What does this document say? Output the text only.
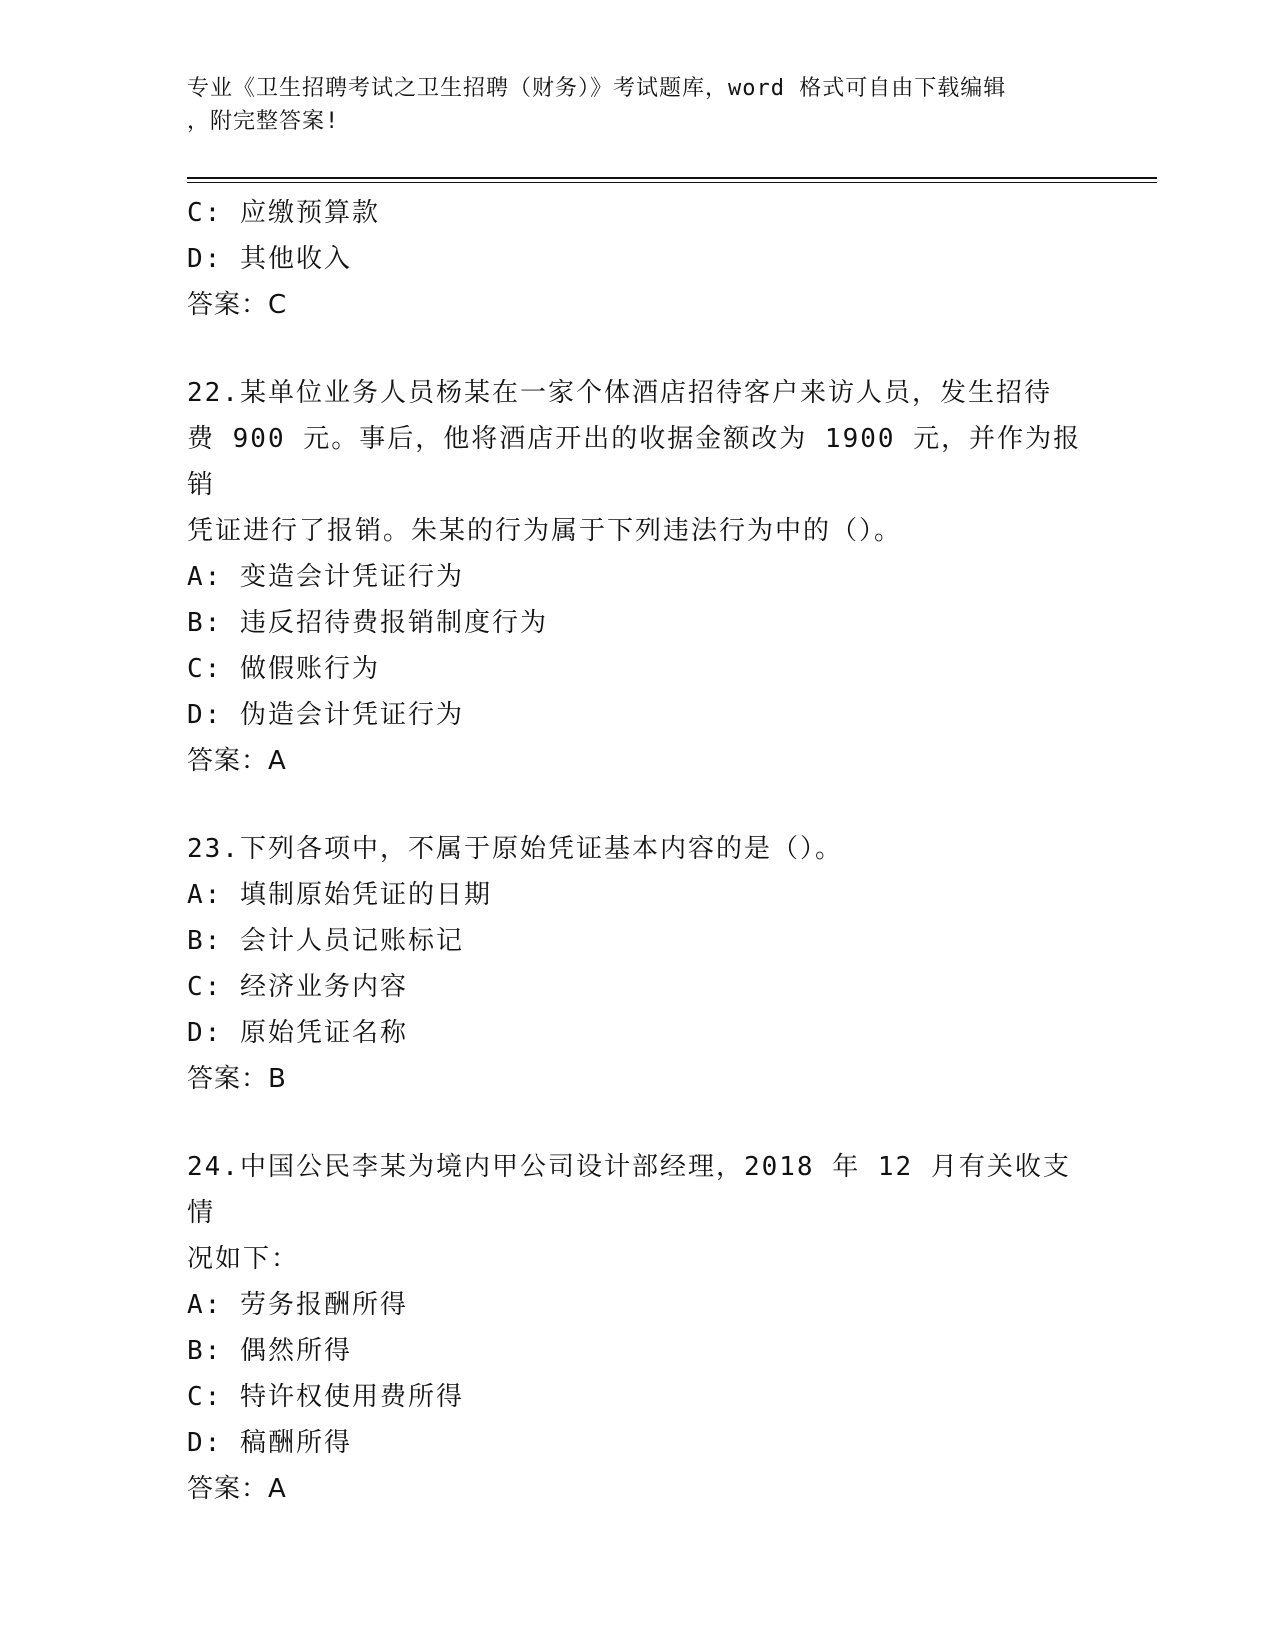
专业《卫生招聘考试之卫生招聘（财务）》考试题库，word 格式可自由下载编辑
，附完整答案!
C: 应缴预算款
D: 其他收入
答案：C
22.某单位业务人员杨某在一家个体酒店招待客户来访人员，发生招待
费 900 元。事后，他将酒店开出的收据金额改为 1900 元，并作为报销
凭证进行了报销。朱某的行为属于下列违法行为中的（）。
A: 变造会计凭证行为
B: 违反招待费报销制度行为
C: 做假账行为
D: 伪造会计凭证行为
答案：A
23.下列各项中，不属于原始凭证基本内容的是（）。
A: 填制原始凭证的日期
B: 会计人员记账标记
C: 经济业务内容
D: 原始凭证名称
答案：B
24.中国公民李某为境内甲公司设计部经理，2018 年 12 月有关收支情
况如下：
A: 劳务报酬所得
B: 偶然所得
C: 特许权使用费所得
D: 稿酬所得
答案：A
